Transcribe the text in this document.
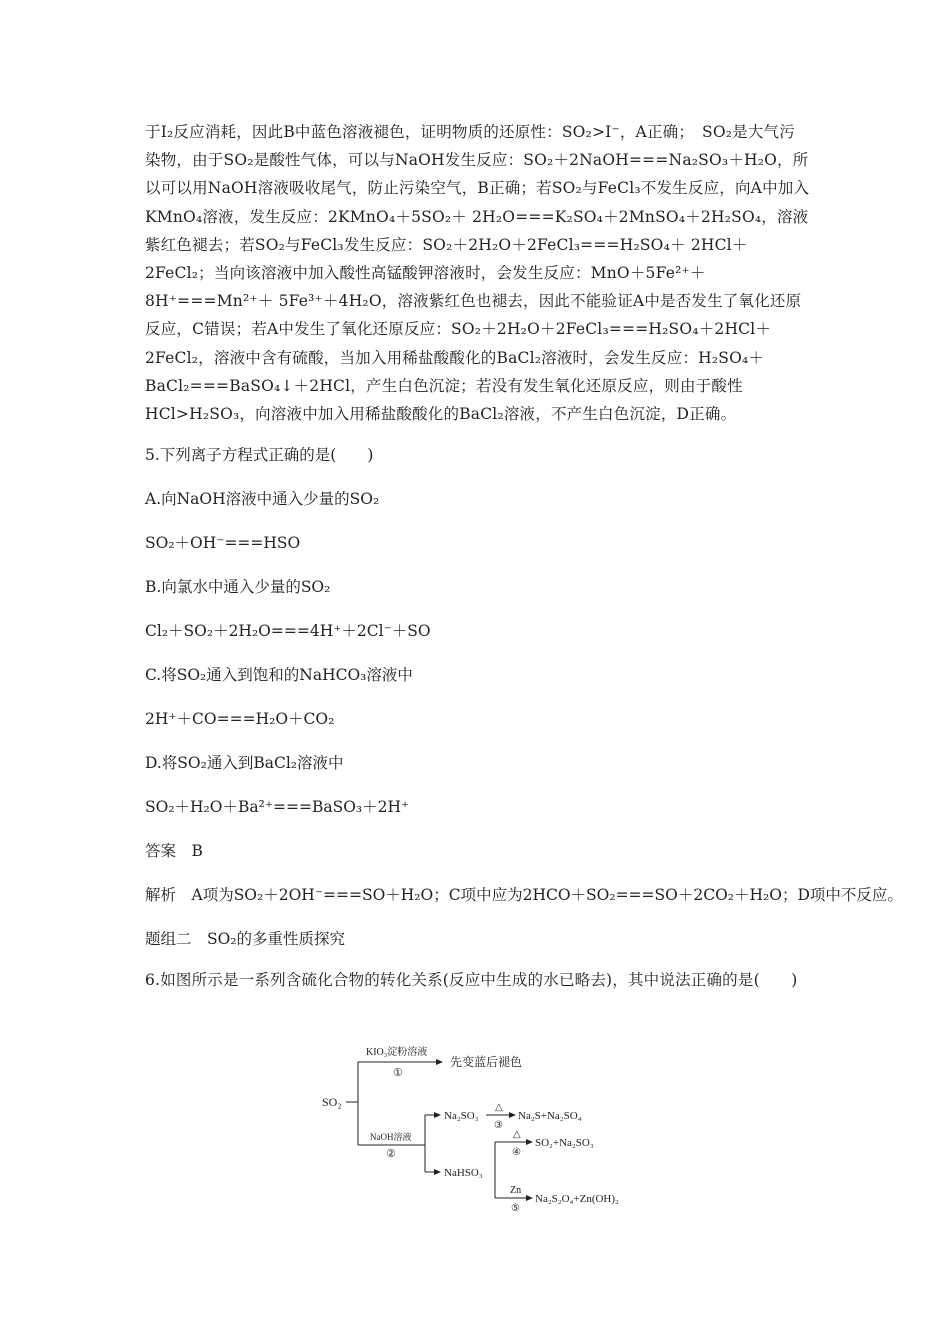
于I₂反应消耗，因此B中蓝色溶液褪色，证明物质的还原性：SO₂>I⁻，A正确；　SO₂是大气污染物，由于SO₂是酸性气体，可以与NaOH发生反应：SO₂＋2NaOH===Na₂SO₃＋H₂O，所以可以用NaOH溶液吸收尾气，防止污染空气，B正确；若SO₂与FeCl₃不发生反应，向A中加入KMnO₄溶液，发生反应：2KMnO₄＋5SO₂＋ 2H₂O===K₂SO₄＋2MnSO₄＋2H₂SO₄，溶液紫红色褪去；若SO₂与FeCl₃发生反应：SO₂＋2H₂O＋2FeCl₃===H₂SO₄＋ 2HCl＋2FeCl₂；当向该溶液中加入酸性高锰酸钾溶液时，会发生反应：MnO＋5Fe²⁺＋8H⁺===Mn²⁺＋ 5Fe³⁺＋4H₂O，溶液紫红色也褪去，因此不能验证A中是否发生了氧化还原反应，C错误；若A中发生了氧化还原反应：SO₂＋2H₂O＋2FeCl₃===H₂SO₄＋2HCl＋2FeCl₂，溶液中含有硫酸，当加入用稀盐酸酸化的BaCl₂溶液时，会发生反应：H₂SO₄＋ BaCl₂===BaSO₄↓＋2HCl，产生白色沉淀；若没有发生氧化还原反应，则由于酸性HCl>H₂SO₃，向溶液中加入用稀盐酸酸化的BaCl₂溶液，不产生白色沉淀，D正确。
5.下列离子方程式正确的是(　　)
A.向NaOH溶液中通入少量的SO₂
SO₂＋OH⁻===HSO
B.向氯水中通入少量的SO₂
Cl₂＋SO₂＋2H₂O===4H⁺＋2Cl⁻＋SO
C.将SO₂通入到饱和的NaHCO₃溶液中
2H⁺＋CO===H₂O＋CO₂
D.将SO₂通入到BaCl₂溶液中
SO₂＋H₂O＋Ba²⁺===BaSO₃＋2H⁺
答案　B
解析　A项为SO₂＋2OH⁻===SO＋H₂O；C项中应为2HCO＋SO₂===SO＋2CO₂＋H₂O；D项中不反应。
题组二　SO₂的多重性质探究
6.如图所示是一系列含硫化合物的转化关系(反应中生成的水已略去)，其中说法正确的是(　　)
SO₂
KIO₃淀粉溶液
①
先变蓝后褪色
NaOH溶液
②
Na₂SO₃
△
③
Na₂S+Na₂SO₄
NaHSO₃
△
④
SO₂+Na₂SO₃
Zn
⑤
Na₂S₂O₄+Zn(OH)₂
